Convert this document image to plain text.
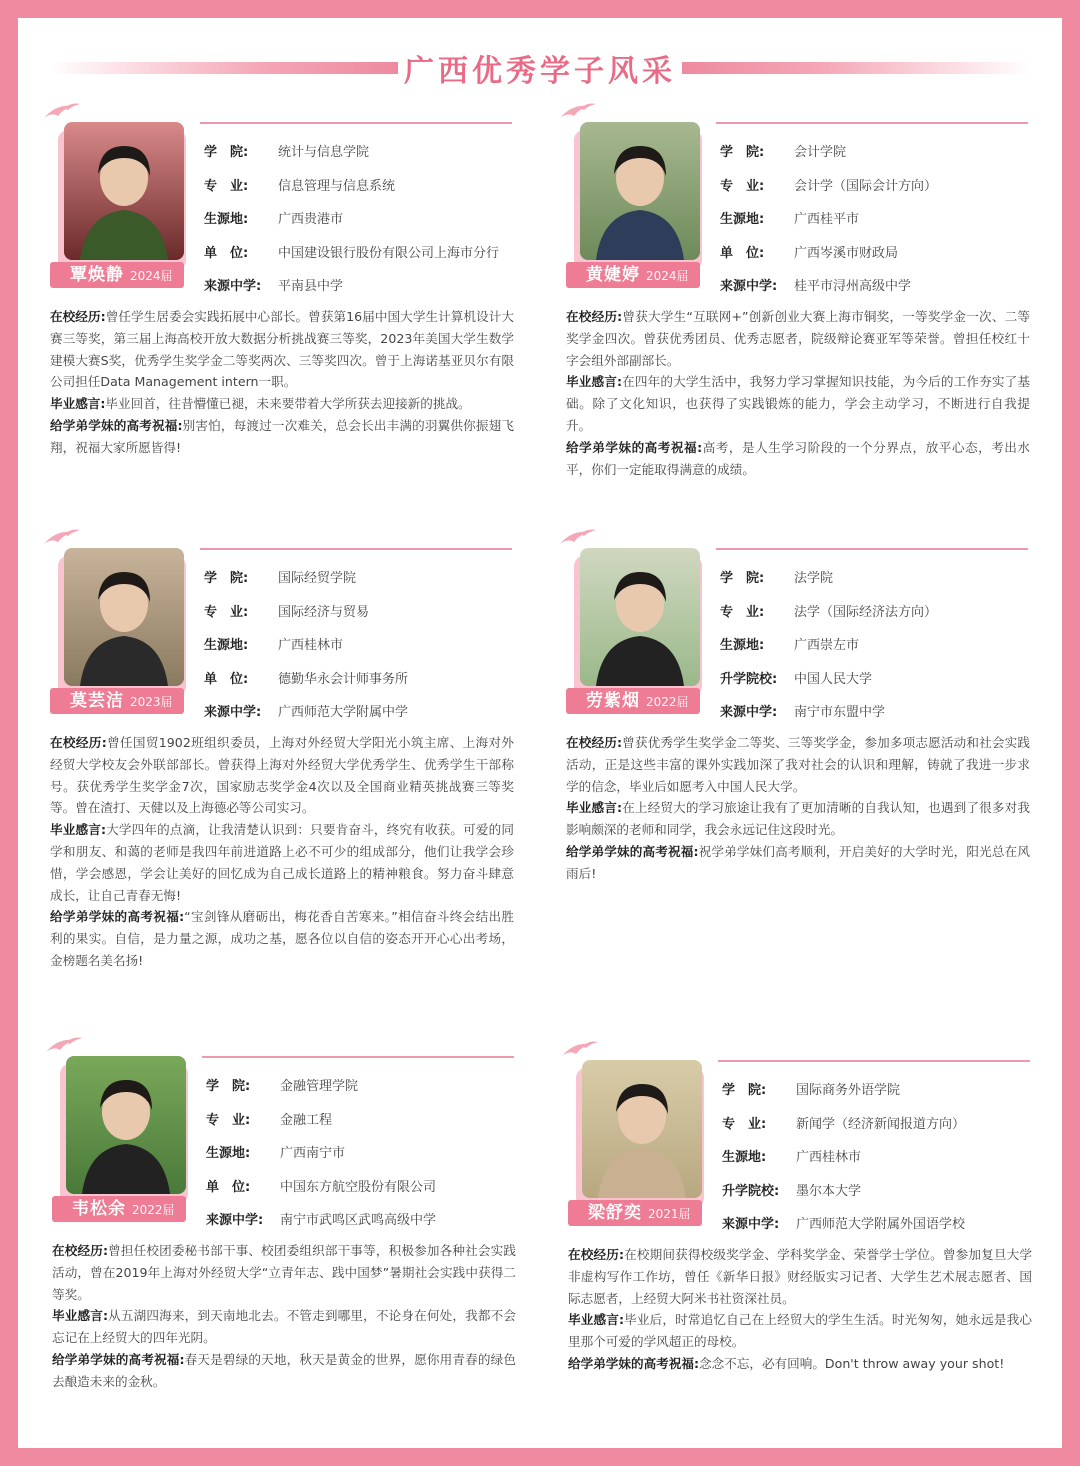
广西优秀学子风采
覃焕静 2024届
学　院:	统计与信息学院
专　业:	信息管理与信息系统
生源地:	广西贵港市
单　位:	中国建设银行股份有限公司上海市分行
来源中学:	平南县中学

在校经历:曾任学生居委会实践拓展中心部长。曾获第16届中国大学生计算机设计大赛三等奖，第三届上海高校开放大数据分析挑战赛三等奖，2023年美国大学生数学建模大赛S奖，优秀学生奖学金二等奖两次、三等奖四次。曾于上海诺基亚贝尔有限公司担任Data Management intern一职。

毕业感言:毕业回首，往昔懵懂已褪，未来要带着大学所获去迎接新的挑战。

给学弟学妹的高考祝福:别害怕，每渡过一次难关，总会长出丰满的羽翼供你振翅飞翔，祝福大家所愿皆得!

黄婕婷 2024届
学　院:	会计学院
专　业:	会计学（国际会计方向）
生源地:	广西桂平市
单　位:	广西岑溪市财政局
来源中学:	桂平市浔州高级中学

在校经历:曾获大学生“互联网+”创新创业大赛上海市铜奖，一等奖学金一次、二等奖学金四次。曾获优秀团员、优秀志愿者，院级辩论赛亚军等荣誉。曾担任校红十字会组外部副部长。

毕业感言:在四年的大学生活中，我努力学习掌握知识技能，为今后的工作夯实了基础。除了文化知识，也获得了实践锻炼的能力，学会主动学习，不断进行自我提升。

给学弟学妹的高考祝福:高考，是人生学习阶段的一个分界点，放平心态，考出水平，你们一定能取得满意的成绩。

莫芸洁 2023届
学　院:	国际经贸学院
专　业:	国际经济与贸易
生源地:	广西桂林市
单　位:	德勤华永会计师事务所
来源中学:	广西师范大学附属中学

在校经历:曾任国贸1902班组织委员，上海对外经贸大学阳光小筑主席、上海对外经贸大学校友会外联部部长。曾获得上海对外经贸大学优秀学生、优秀学生干部称号。获优秀学生奖学金7次，国家励志奖学金4次以及全国商业精英挑战赛三等奖等。曾在渣打、天健以及上海德必等公司实习。

毕业感言:大学四年的点滴，让我清楚认识到：只要肯奋斗，终究有收获。可爱的同学和朋友、和蔼的老师是我四年前进道路上必不可少的组成部分，他们让我学会珍惜，学会感恩，学会让美好的回忆成为自己成长道路上的精神粮食。努力奋斗肆意成长，让自己青春无悔!

给学弟学妹的高考祝福:“宝剑锋从磨砺出，梅花香自苦寒来。”相信奋斗终会结出胜利的果实。自信，是力量之源，成功之基，愿各位以自信的姿态开开心心出考场，金榜题名美名扬!

劳紫烟 2022届
学　院:	法学院
专　业:	法学（国际经济法方向）
生源地:	广西崇左市
升学院校:	中国人民大学
来源中学:	南宁市东盟中学

在校经历:曾获优秀学生奖学金二等奖、三等奖学金，参加多项志愿活动和社会实践活动，正是这些丰富的课外实践加深了我对社会的认识和理解，铸就了我进一步求学的信念，毕业后如愿考入中国人民大学。

毕业感言:在上经贸大的学习旅途让我有了更加清晰的自我认知，也遇到了很多对我影响颇深的老师和同学，我会永远记住这段时光。

给学弟学妹的高考祝福:祝学弟学妹们高考顺利，开启美好的大学时光，阳光总在风雨后!

韦松余 2022届
学　院:	金融管理学院
专　业:	金融工程
生源地:	广西南宁市
单　位:	中国东方航空股份有限公司
来源中学:	南宁市武鸣区武鸣高级中学

在校经历:曾担任校团委秘书部干事、校团委组织部干事等，积极参加各种社会实践活动，曾在2019年上海对外经贸大学“立青年志、践中国梦”暑期社会实践中获得二等奖。

毕业感言:从五湖四海来，到天南地北去。不管走到哪里，不论身在何处，我都不会忘记在上经贸大的四年光阴。

给学弟学妹的高考祝福:春天是碧绿的天地，秋天是黄金的世界，愿你用青春的绿色去酿造未来的金秋。

梁舒奕 2021届
学　院:	国际商务外语学院
专　业:	新闻学（经济新闻报道方向）
生源地:	广西桂林市
升学院校:	墨尔本大学
来源中学:	广西师范大学附属外国语学校

在校经历:在校期间获得校级奖学金、学科奖学金、荣誉学士学位。曾参加复旦大学非虚构写作工作坊，曾任《新华日报》财经版实习记者、大学生艺术展志愿者、国际志愿者，上经贸大阿米书社资深社员。

毕业感言:毕业后，时常追忆自己在上经贸大的学生生活。时光匆匆，她永远是我心里那个可爱的学风超正的母校。

给学弟学妹的高考祝福:念念不忘，必有回响。Don't throw away your shot!
